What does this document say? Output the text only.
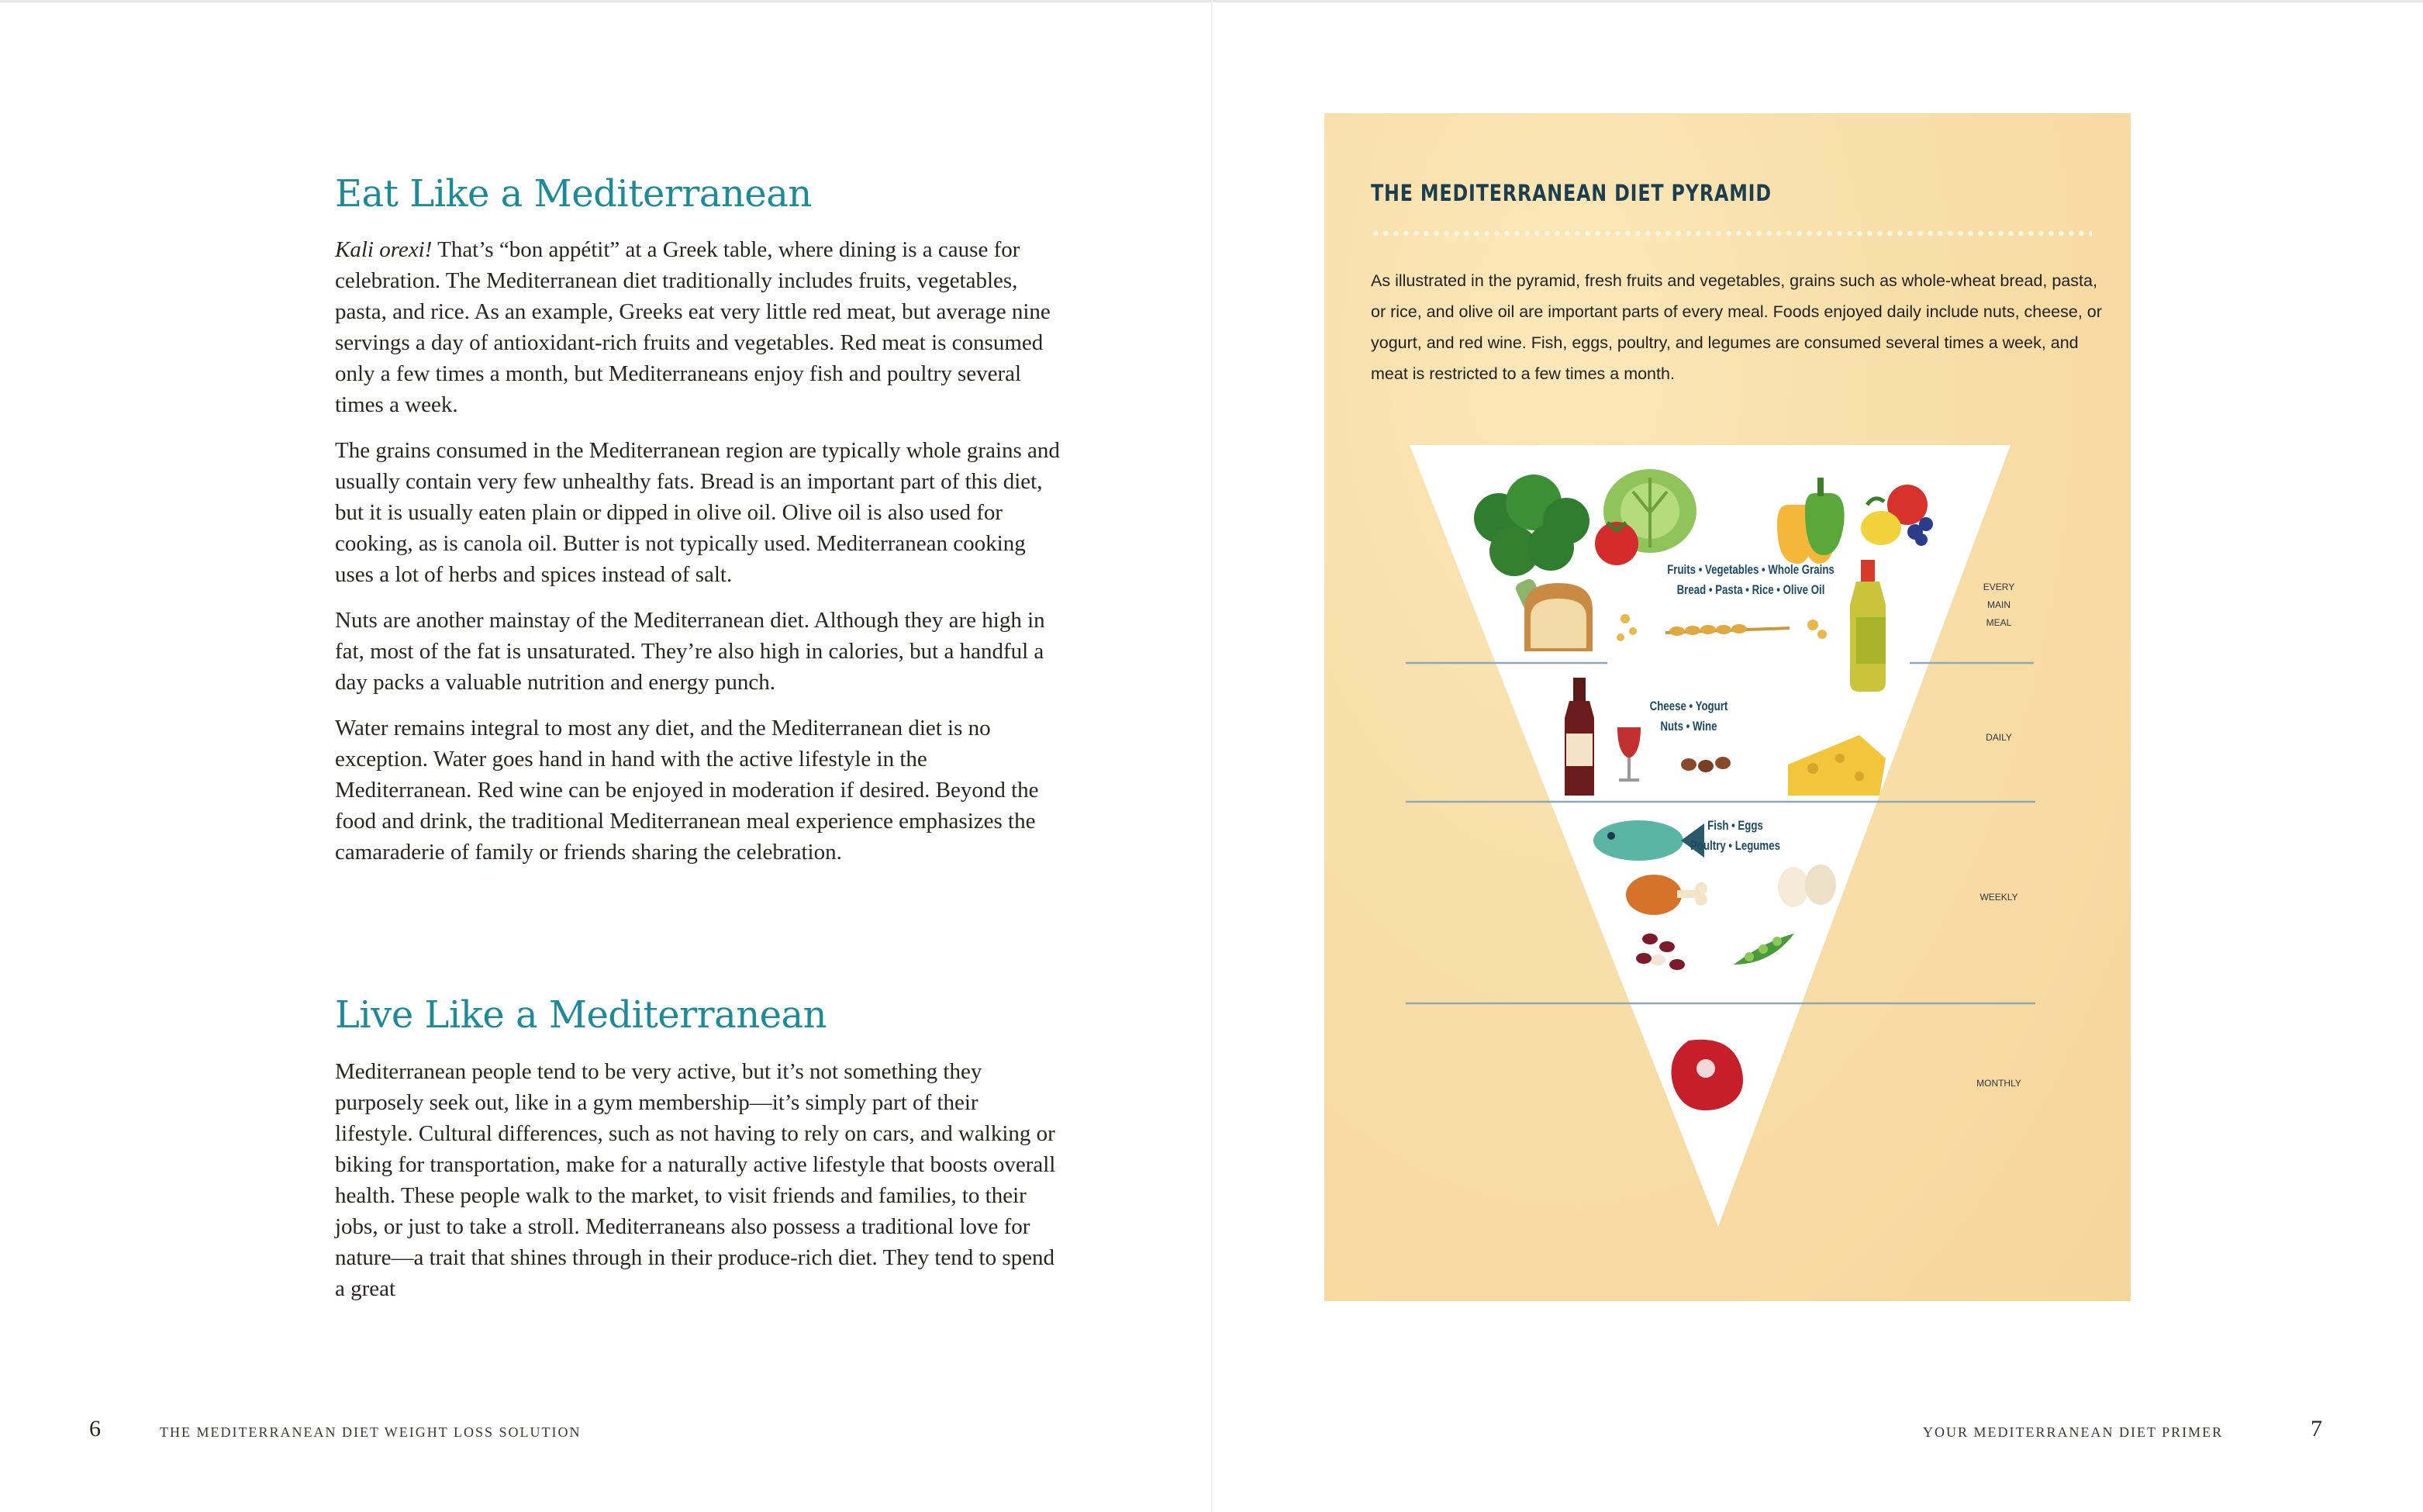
Eat Like a Mediterranean

Kali orexi! That’s “bon appétit” at a Greek table, where dining is a cause for celebration. The Mediterranean diet traditionally includes fruits, vegetables, pasta, and rice. As an example, Greeks eat very little red meat, but average nine servings a day of antioxidant-rich fruits and vegetables. Red meat is consumed only a few times a month, but Mediterraneans enjoy fish and poultry several times a week.

The grains consumed in the Mediterranean region are typically whole grains and usually contain very few unhealthy fats. Bread is an important part of this diet, but it is usually eaten plain or dipped in olive oil. Olive oil is also used for cooking, as is canola oil. Butter is not typically used. Mediterranean cooking uses a lot of herbs and spices instead of salt.

Nuts are another mainstay of the Mediterranean diet. Although they are high in fat, most of the fat is unsaturated. They’re also high in calories, but a handful a day packs a valuable nutrition and energy punch.

Water remains integral to most any diet, and the Mediterranean diet is no exception. Water goes hand in hand with the active lifestyle in the Mediterranean. Red wine can be enjoyed in moderation if desired. Beyond the food and drink, the traditional Mediterranean meal experience emphasizes the camaraderie of family or friends sharing the celebration.

Live Like a Mediterranean

Mediterranean people tend to be very active, but it’s not something they purposely seek out, like in a gym membership—it’s simply part of their lifestyle. Cultural differences, such as not having to rely on cars, and walking or biking for transportation, make for a naturally active lifestyle that boosts overall health. These people walk to the market, to visit friends and families, to their jobs, or just to take a stroll. Mediterraneans also possess a traditional love for nature—a trait that shines through in their produce-rich diet. They tend to spend a great

6	THE MEDITERRANEAN DIET WEIGHT LOSS SOLUTION
THE MEDITERRANEAN DIET PYRAMID
As illustrated in the pyramid, fresh fruits and vegetables, grains such as whole-wheat bread, pasta, or rice, and olive oil are important parts of every meal. Foods enjoyed daily include nuts, cheese, or yogurt, and red wine. Fish, eggs, poultry, and legumes are consumed several times a week, and meat is restricted to a few times a month.
Fruits • Vegetables • Whole Grains
Bread • Pasta • Rice • Olive Oil
Cheese • Yogurt
Nuts • Wine
Fish • Eggs
Poultry • Legumes
EVERY
MAIN
MEAL
DAILY
WEEKLY
MONTHLY
YOUR MEDITERRANEAN DIET PRIMER	7
